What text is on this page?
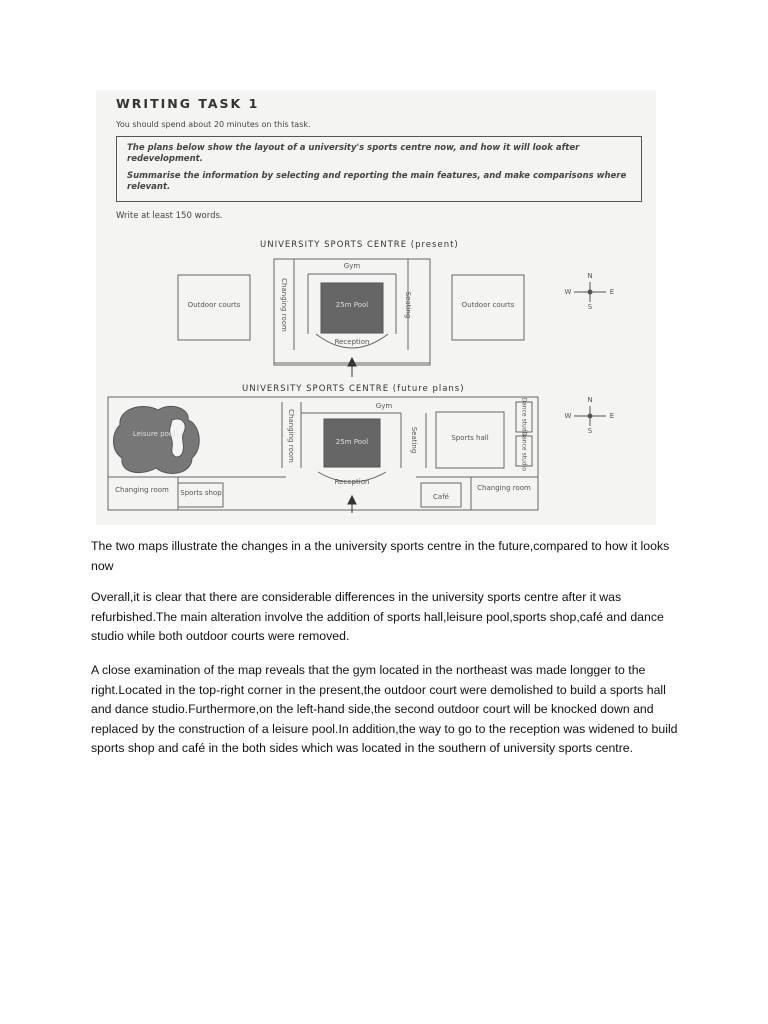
WRITING TASK 1
You should spend about 20 minutes on this task.

The plans below show the layout of a university's sports centre now, and how it will look after redevelopment.

Summarise the information by selecting and reporting the main features, and make comparisons where relevant.

Write at least 150 words.
UNIVERSITY SPORTS CENTRE (present)
Outdoor courts	Outdoor courts
Gym
Changing room	25m Pool	Seating
Reception
UNIVERSITY SPORTS CENTRE (future plans)
Leisure pool
Gym
Changing room	25m Pool	Seating	Sports hall
Dance studio
Dance studio
Changing room	Sports shop
Reception
Café
Changing room
N
S
W	E
N
S
W	E

The two maps illustrate the changes in a the university sports centre in the future,compared to how it looks now

Overall,it is clear that there are considerable differences in the university sports centre after it was refurbished.The main alteration involve the addition of sports hall,leisure pool,sports shop,café and dance studio while both outdoor courts were removed.

A close examination of the map reveals that the gym located in the northeast was made longger to the right.Located in the top-right corner in the present,the outdoor court were demolished to build a sports hall and dance studio.Furthermore,on the left-hand side,the second outdoor court will be knocked down and replaced by the construction of a leisure pool.In addition,the way to go to the reception was widened to build sports shop and café in the both sides which was located in the southern of university sports centre.
